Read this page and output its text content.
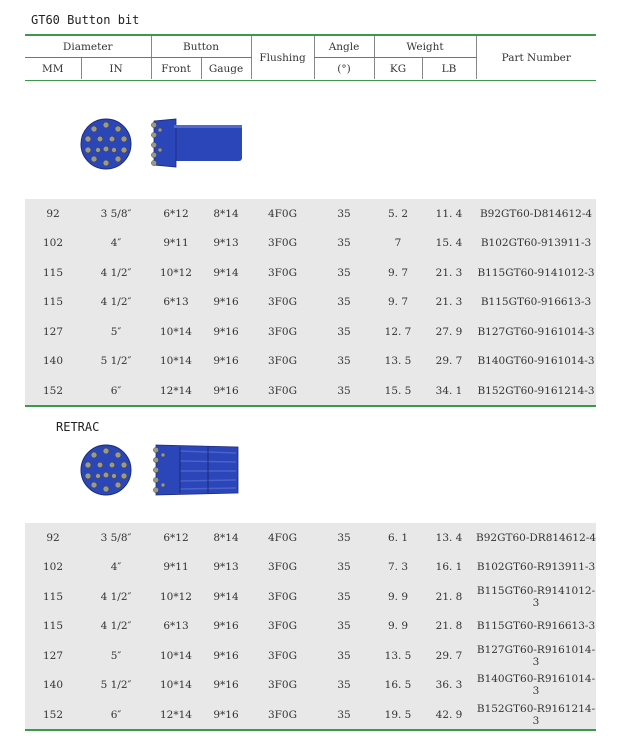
GT60 Button bit
Diameter		Button		Flushing	Angle	Weight		Part Number
MM	IN	Front	Gauge		(°)	KG	LB	
92	3 5/8″	6*12	8*14	4F0G	35	5. 2	11. 4	B92GT60-D814612-4
102	4″	9*11	9*13	3F0G	35	7	15. 4	B102GT60-913911-3
115	4 1/2″	10*12	9*14	3F0G	35	9. 7	21. 3	B115GT60-9141012-3
115	4 1/2″	6*13	9*16	3F0G	35	9. 7	21. 3	B115GT60-916613-3
127	5″	10*14	9*16	3F0G	35	12. 7	27. 9	B127GT60-9161014-3
140	5 1/2″	10*14	9*16	3F0G	35	13. 5	29. 7	B140GT60-9161014-3
152	6″	12*14	9*16	3F0G	35	15. 5	34. 1	B152GT60-9161214-3
RETRAC
92	3 5/8″	6*12	8*14	4F0G	35	6. 1	13. 4	B92GT60-DR814612-4
102	4″	9*11	9*13	3F0G	35	7. 3	16. 1	B102GT60-R913911-3
115	4 1/2″	10*12	9*14	3F0G	35	9. 9	21. 8	B115GT60-R9141012-3
115	4 1/2″	6*13	9*16	3F0G	35	9. 9	21. 8	B115GT60-R916613-3
127	5″	10*14	9*16	3F0G	35	13. 5	29. 7	B127GT60-R9161014-3
140	5 1/2″	10*14	9*16	3F0G	35	16. 5	36. 3	B140GT60-R9161014-3
152	6″	12*14	9*16	3F0G	35	19. 5	42. 9	B152GT60-R9161214-3
